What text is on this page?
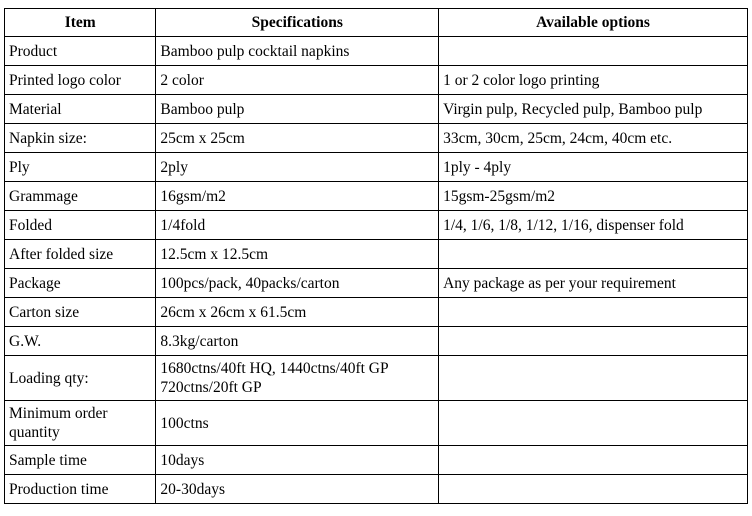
Item	Specifications	Available options
Product	Bamboo pulp cocktail napkins	
Printed logo color	2 color	1 or 2 color logo printing
Material	Bamboo pulp	Virgin pulp, Recycled pulp, Bamboo pulp
Napkin size:	25cm x 25cm	33cm, 30cm, 25cm, 24cm, 40cm etc.
Ply	2ply	1ply - 4ply
Grammage	16gsm/m2	15gsm-25gsm/m2
Folded	1/4fold	1/4, 1/6, 1/8, 1/12, 1/16, dispenser fold
After folded size	12.5cm x 12.5cm	
Package	100pcs/pack, 40packs/carton	Any package as per your requirement
Carton size	26cm x 26cm x 61.5cm	
G.W.	8.3kg/carton	
Loading qty:	1680ctns/40ft HQ, 1440ctns/40ft GP 720ctns/20ft GP	
Minimum order quantity	100ctns	
Sample time	10days	
Production time	20-30days	
